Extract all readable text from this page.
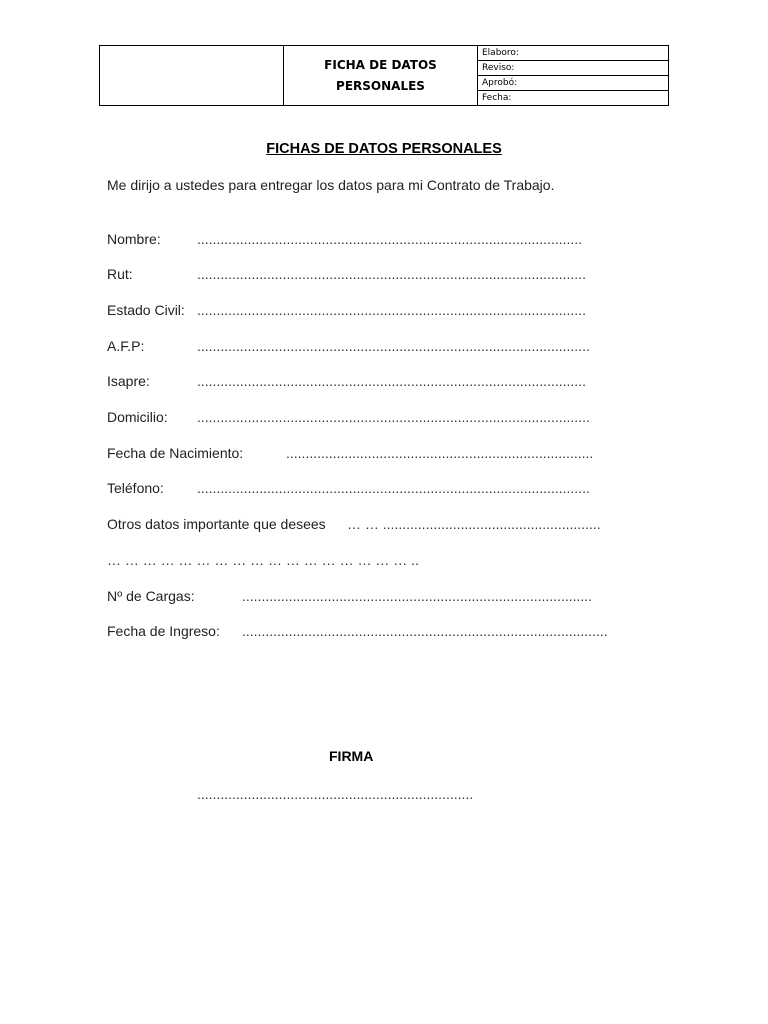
FICHA DE DATOS
PERSONALES
Elaboro:
Reviso:
Aprobó:
Fecha:
FICHAS DE DATOS PERSONALES
Me dirijo a ustedes para entregar los datos para mi Contrato de Trabajo.
Nombre:	...................................................................................................
Rut:	....................................................................................................
Estado Civil: ....................................................................................................
A.F.P:	.....................................................................................................
Isapre:	....................................................................................................
Domicilio: .....................................................................................................
Fecha de Nacimiento:	...............................................................................
Teléfono: .....................................................................................................
Otros datos importante que desees … … ........................................................
… … … … … … … … … … … … … … … … … ..
Nº de Cargas:	..........................................................................................
Fecha de Ingreso: ..............................................................................................
FIRMA
.......................................................................
